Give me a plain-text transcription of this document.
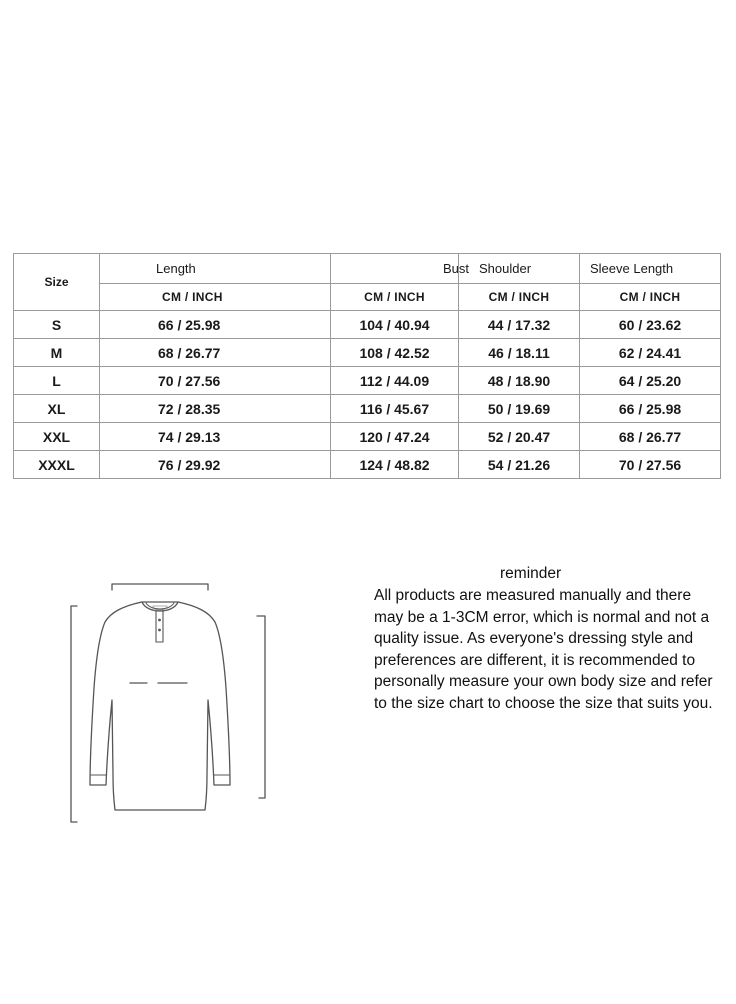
Size	Length	Bust	Shoulder	Sleeve Length
	CM / INCH	CM / INCH	CM / INCH	CM / INCH
S	66 / 25.98	104 / 40.94	44 / 17.32	60 / 23.62
M	68 / 26.77	108 / 42.52	46 / 18.11	62 / 24.41
L	70 / 27.56	112 / 44.09	48 / 18.90	64 / 25.20
XL	72 / 28.35	116 / 45.67	50 / 19.69	66 / 25.98
XXL	74 / 29.13	120 / 47.24	52 / 20.47	68 / 26.77
XXXL	76 / 29.92	124 / 48.82	54 / 21.26	70 / 27.56
reminder
All products are measured manually and there may be a 1-3CM error, which is normal and not a quality issue. As everyone's dressing style and preferences are different, it is recommended to personally measure your own body size and refer to the size chart to choose the size that suits you.
